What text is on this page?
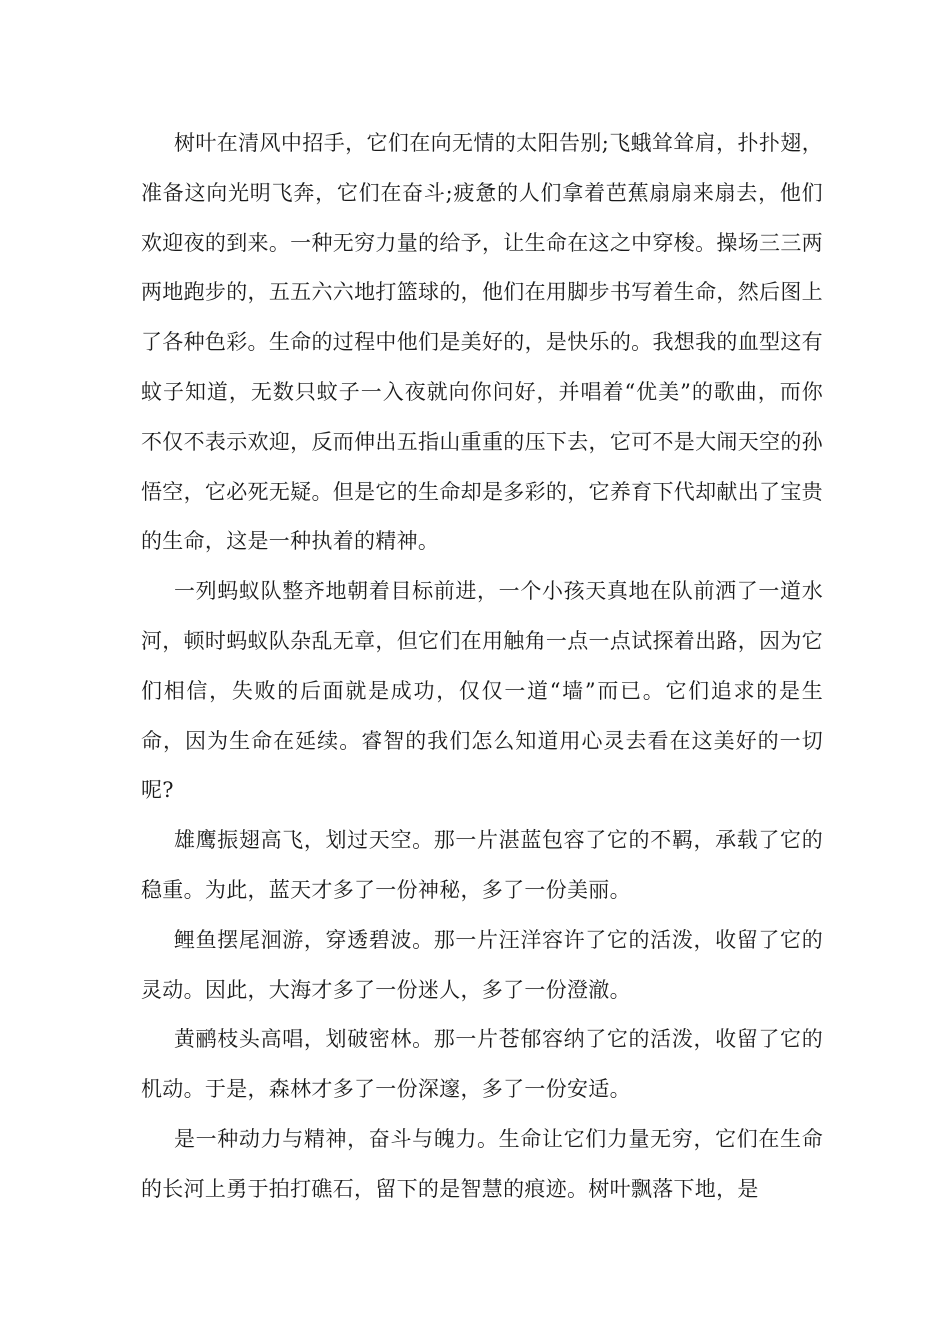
树叶在清风中招手，它们在向无情的太阳告别;飞蛾耸耸肩，扑扑翅，准备这向光明飞奔，它们在奋斗;疲惫的人们拿着芭蕉扇扇来扇去，他们欢迎夜的到来。一种无穷力量的给予，让生命在这之中穿梭。操场三三两两地跑步的，五五六六地打篮球的，他们在用脚步书写着生命，然后图上了各种色彩。生命的过程中他们是美好的，是快乐的。我想我的血型这有蚊子知道，无数只蚊子一入夜就向你问好，并唱着“优美”的歌曲，而你不仅不表示欢迎，反而伸出五指山重重的压下去，它可不是大闹天空的孙悟空，它必死无疑。但是它的生命却是多彩的，它养育下代却献出了宝贵的生命，这是一种执着的精神。

一列蚂蚁队整齐地朝着目标前进，一个小孩天真地在队前洒了一道水河，顿时蚂蚁队杂乱无章，但它们在用触角一点一点试探着出路，因为它们相信，失败的后面就是成功，仅仅一道“墙”而已。它们追求的是生命，因为生命在延续。睿智的我们怎么知道用心灵去看在这美好的一切呢?

雄鹰振翅高飞，划过天空。那一片湛蓝包容了它的不羁，承载了它的稳重。为此，蓝天才多了一份神秘，多了一份美丽。

鲤鱼摆尾洄游，穿透碧波。那一片汪洋容许了它的活泼，收留了它的灵动。因此，大海才多了一份迷人，多了一份澄澈。

黄鹂枝头高唱，划破密林。那一片苍郁容纳了它的活泼，收留了它的机动。于是，森林才多了一份深邃，多了一份安适。

是一种动力与精神，奋斗与魄力。生命让它们力量无穷，它们在生命的长河上勇于拍打礁石，留下的是智慧的痕迹。树叶飘落下地，是
